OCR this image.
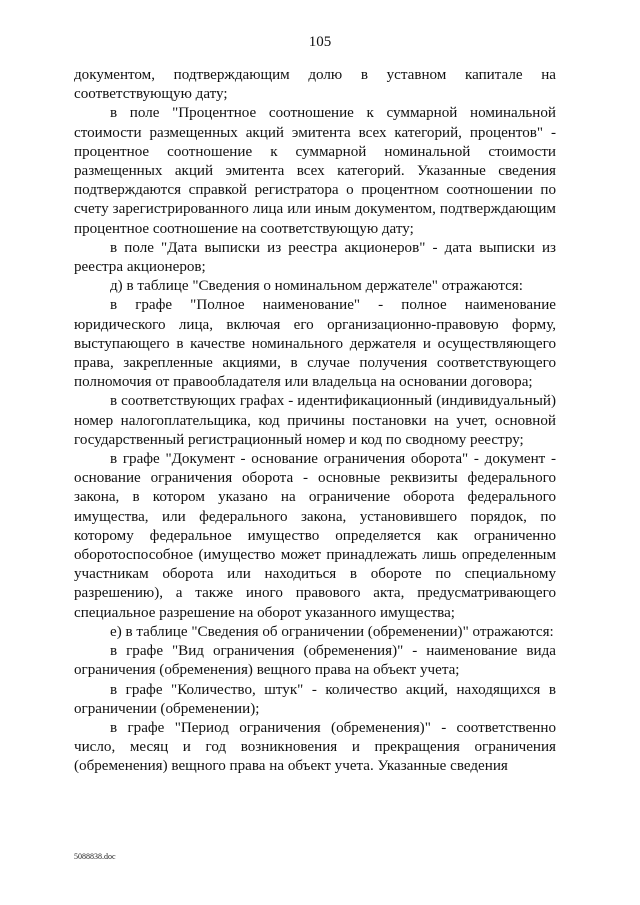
105

документом, подтверждающим долю в уставном капитале на соответствующую дату;

в поле "Процентное соотношение к суммарной номинальной стоимости размещенных акций эмитента всех категорий, процентов" - процентное соотношение к суммарной номинальной стоимости размещенных акций эмитента всех категорий. Указанные сведения подтверждаются справкой регистратора о процентном соотношении по счету зарегистрированного лица или иным документом, подтверждающим процентное соотношение на соответствующую дату;

в поле "Дата выписки из реестра акционеров" - дата выписки из реестра акционеров;

д) в таблице "Сведения о номинальном держателе" отражаются:

в графе "Полное наименование" - полное наименование юридического лица, включая его организационно-правовую форму, выступающего в качестве номинального держателя и осуществляющего права, закрепленные акциями, в случае получения соответствующего полномочия от правообладателя или владельца на основании договора;

в соответствующих графах - идентификационный (индивидуальный) номер налогоплательщика, код причины постановки на учет, основной государственный регистрационный номер и код по сводному реестру;

в графе "Документ - основание ограничения оборота" - документ - основание ограничения оборота - основные реквизиты федерального закона, в котором указано на ограничение оборота федерального имущества, или федерального закона, установившего порядок, по которому федеральное имущество определяется как ограниченно оборотоспособное (имущество может принадлежать лишь определенным участникам оборота или находиться в обороте по специальному разрешению), а также иного правового акта, предусматривающего специальное разрешение на оборот указанного имущества;

е) в таблице "Сведения об ограничении (обременении)" отражаются:

в графе "Вид ограничения (обременения)" - наименование вида ограничения (обременения) вещного права на объект учета;

в графе "Количество, штук" - количество акций, находящихся в ограничении (обременении);

в графе "Период ограничения (обременения)" - соответственно число, месяц и год возникновения и прекращения ограничения (обременения) вещного права на объект учета. Указанные сведения

5088838.doc
